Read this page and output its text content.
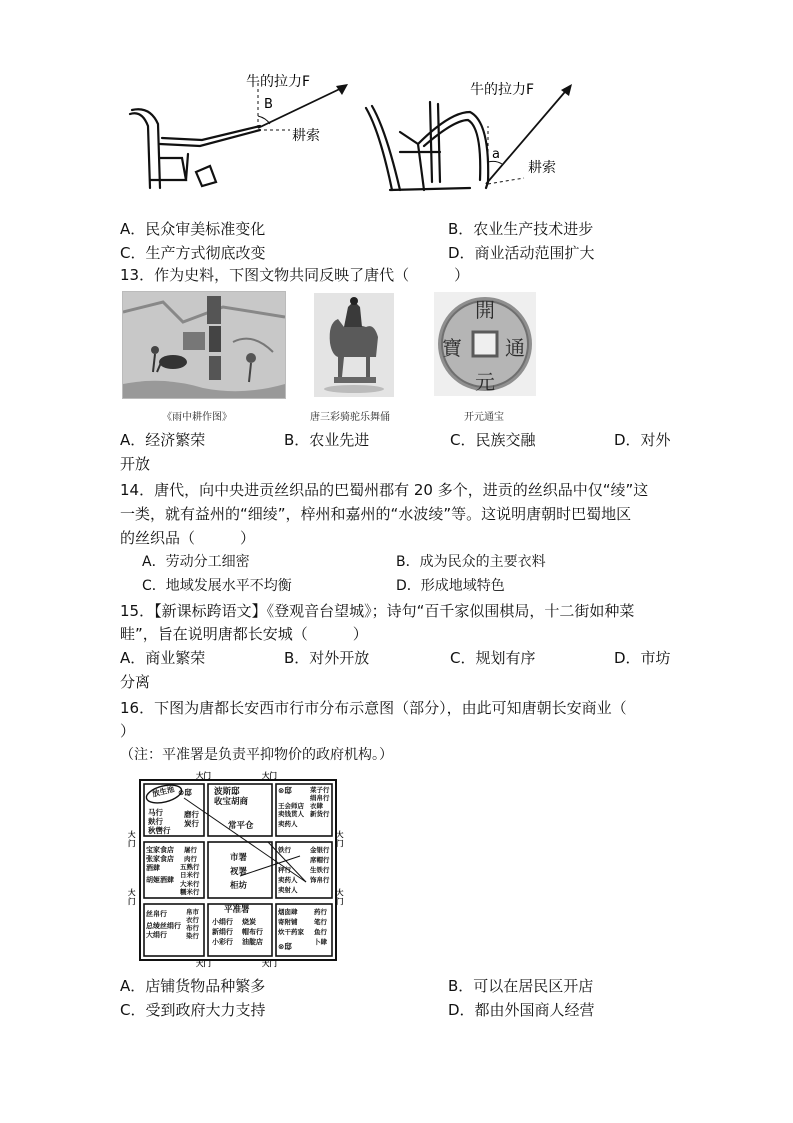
牛的拉力F
B
耕索
牛的拉力F
a
耕索
A．民众审美标准变化	B．农业生产技术进步
C．生产方式彻底改变	D．商业活动范围扩大
13．作为史料，下图文物共同反映了唐代（　　　）
開
通
元
寶
《雨中耕作图》	唐三彩骑驼乐舞俑	开元通宝
A．经济繁荣	B．农业先进	C．民族交融	D．对外
开放
14．唐代，向中央进贡丝织品的巴蜀州郡有 20 多个，进贡的丝织品中仅“绫”这
一类，就有益州的“细绫”，梓州和嘉州的“水波绫”等。这说明唐朝时巴蜀地区
的丝织品（　　　）
A．劳动分工细密	B．成为民众的主要衣料
C．地域发展水平不均衡	D．形成地域特色
15．【新课标跨语文】《登观音台望城》；诗句“百千家似围棋局，十二街如种菜
畦”，旨在说明唐都长安城（　　　）
A．商业繁荣	B．对外开放	C．规划有序	D．市坊
分离
16．下图为唐都长安西市行市分布示意图（部分），由此可知唐朝长安商业（
）
（注：平准署是负责平抑物价的政府机构。）
大门	大门
大门	大门
大门
大门
大门
大门
放生池 ⊗邸
马行
麸行
秋辔行
磨行
炭行
波斯邸
收宝胡商
常平仓
⊗邸	菜子行
绢帛行
衣肆
王会师店
卖钱贯人 新货行
卖药人
宝家食店
张家食店
酒肆
胡姬酒肆
屠行
肉行
五熟行
日米行
大米行
糯米行
市署
衩署
柜坊
秤行
金银行
席帽行
生铁行
铁行
卖药人
卖射人
饰帛行
丝帛行
总绫丝绢行
大绢行
帛市
衣行
布行
染行
平准署
小绢行
新绢行
小彩行
烧炭
帽布行
油靛店
烟囱肆
寄附铺
炊干药家
⊗邸
药行
笔行
鱼行
卜肆
A．店铺货物品种繁多	B．可以在居民区开店
C．受到政府大力支持	D．都由外国商人经营
